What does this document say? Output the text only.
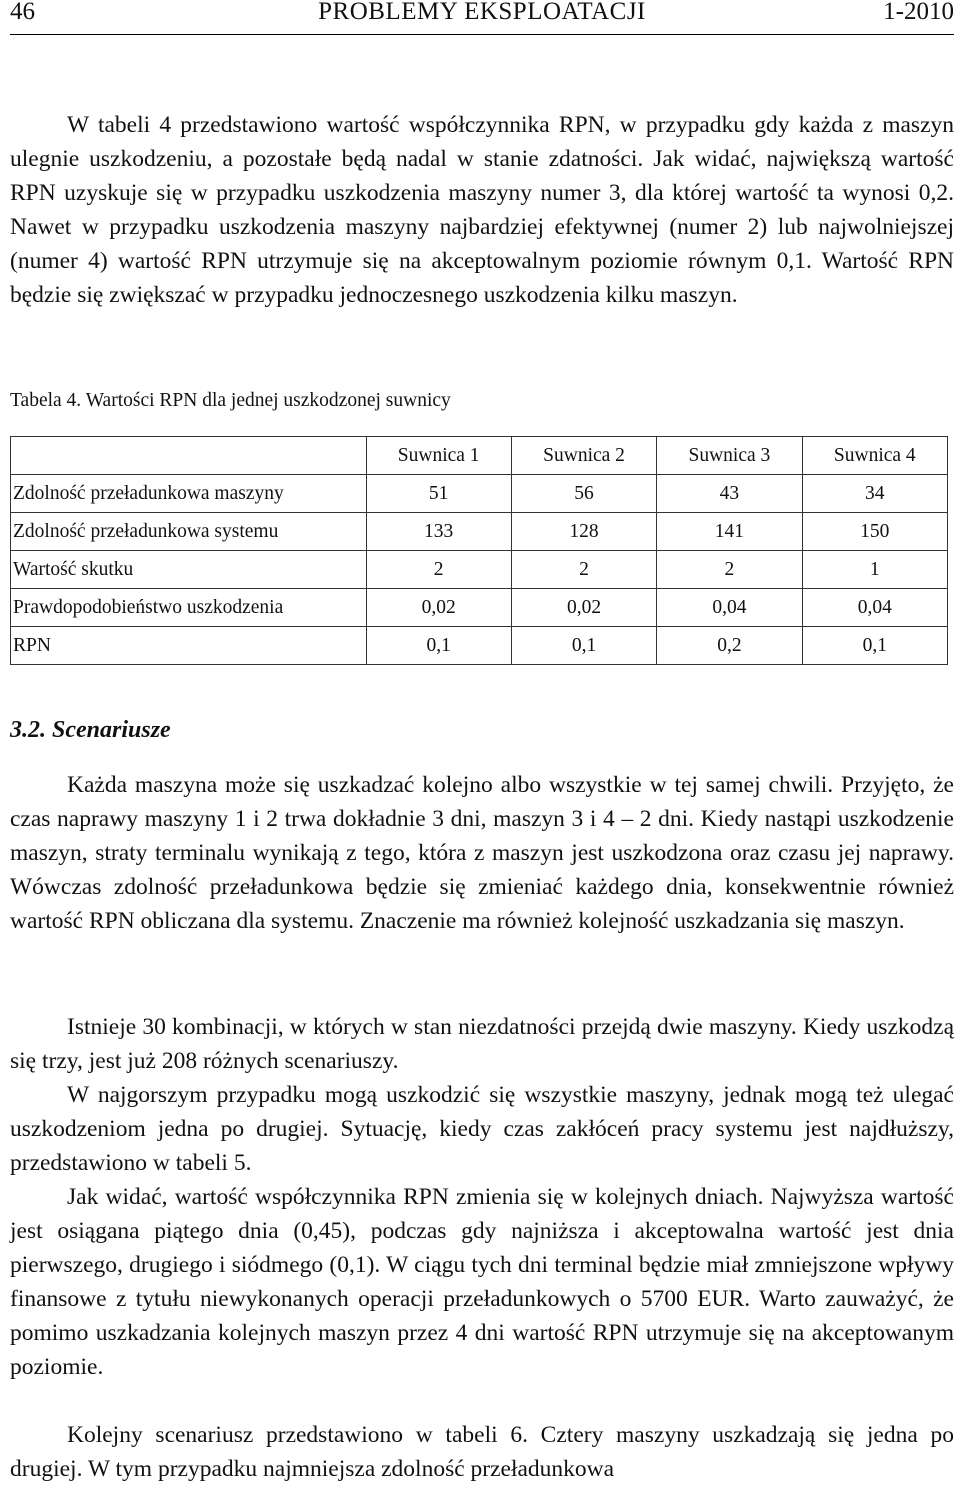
46	PROBLEMY EKSPLOATACJI	1-2010

W tabeli 4 przedstawiono wartość współczynnika RPN, w przypadku gdy każda z maszyn ulegnie uszkodzeniu, a pozostałe będą nadal w stanie zdatności. Jak widać, największą wartość RPN uzyskuje się w przypadku uszkodzenia maszyny numer 3, dla której wartość ta wynosi 0,2. Nawet w przypadku uszkodzenia maszyny najbardziej efektywnej (numer 2) lub najwolniejszej (numer 4) wartość RPN utrzymuje się na akceptowalnym poziomie równym 0,1. Wartość RPN będzie się zwiększać w przypadku jednoczesnego uszkodzenia kilku maszyn.

Tabela 4. Wartości RPN dla jednej uszkodzonej suwnicy

	Suwnica 1	Suwnica 2	Suwnica 3	Suwnica 4
Zdolność przeładunkowa maszyny	51	56	43	34
Zdolność przeładunkowa systemu	133	128	141	150
Wartość skutku	2	2	2	1
Prawdopodobieństwo uszkodzenia	0,02	0,02	0,04	0,04
RPN	0,1	0,1	0,2	0,1
3.2. Scenariusze

Każda maszyna może się uszkadzać kolejno albo wszystkie w tej samej chwili. Przyjęto, że czas naprawy maszyny 1 i 2 trwa dokładnie 3 dni, maszyn 3 i 4 – 2 dni. Kiedy nastąpi uszkodzenie maszyn, straty terminalu wynikają z tego, która z maszyn jest uszkodzona oraz czasu jej naprawy. Wówczas zdolność przeładunkowa będzie się zmieniać każdego dnia, konsekwentnie również wartość RPN obliczana dla systemu. Znaczenie ma również kolejność uszkadzania się maszyn.

Istnieje 30 kombinacji, w których w stan niezdatności przejdą dwie maszyny. Kiedy uszkodzą się trzy, jest już 208 różnych scenariuszy.

W najgorszym przypadku mogą uszkodzić się wszystkie maszyny, jednak mogą też ulegać uszkodzeniom jedna po drugiej. Sytuację, kiedy czas zakłóceń pracy systemu jest najdłuższy, przedstawiono w tabeli 5.

Jak widać, wartość współczynnika RPN zmienia się w kolejnych dniach. Najwyższa wartość jest osiągana piątego dnia (0,45), podczas gdy najniższa i akceptowalna wartość jest dnia pierwszego, drugiego i siódmego (0,1). W ciągu tych dni terminal będzie miał zmniejszone wpływy finansowe z tytułu niewykonanych operacji przeładunkowych o 5700 EUR. Warto zauważyć, że pomimo uszkadzania kolejnych maszyn przez 4 dni wartość RPN utrzymuje się na akceptowanym poziomie.

Kolejny scenariusz przedstawiono w tabeli 6. Cztery maszyny uszkadzają się jedna po drugiej. W tym przypadku najmniejsza zdolność przeładunkowa
